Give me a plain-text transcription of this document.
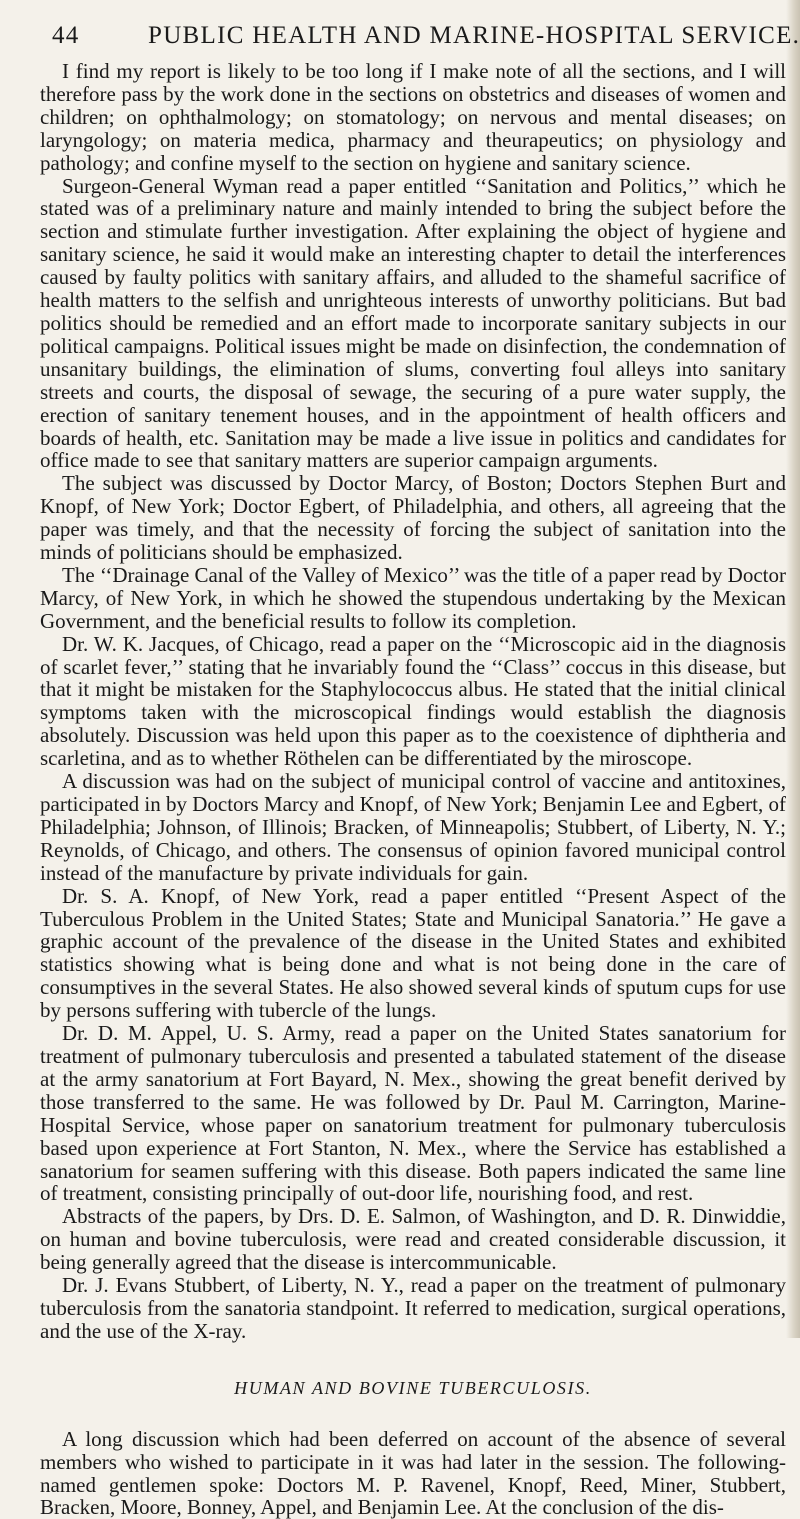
44	PUBLIC HEALTH AND MARINE-HOSPITAL SERVICE.

I find my report is likely to be too long if I make note of all the sections, and I will therefore pass by the work done in the sections on obstetrics and diseases of women and children; on ophthalmology; on stomatology; on nervous and mental diseases; on laryngology; on materia medica, pharmacy and theurapeutics; on physiology and pathology; and confine myself to the section on hygiene and sanitary science.

Surgeon-General Wyman read a paper entitled ‘‘Sanitation and Politics,’’ which he stated was of a preliminary nature and mainly intended to bring the subject before the section and stimulate further investigation. After explaining the object of hygiene and sanitary science, he said it would make an interesting chapter to detail the interferences caused by faulty politics with sanitary affairs, and alluded to the shameful sacrifice of health matters to the selfish and unrighteous interests of unworthy politicians. But bad politics should be remedied and an effort made to incorporate sanitary subjects in our political campaigns. Political issues might be made on disinfection, the condemnation of unsanitary buildings, the elimination of slums, converting foul alleys into sanitary streets and courts, the disposal of sewage, the securing of a pure water supply, the erection of sanitary tenement houses, and in the appointment of health officers and boards of health, etc. Sanitation may be made a live issue in politics and candidates for office made to see that sanitary matters are superior campaign arguments.

The subject was discussed by Doctor Marcy, of Boston; Doctors Stephen Burt and Knopf, of New York; Doctor Egbert, of Philadelphia, and others, all agreeing that the paper was timely, and that the necessity of forcing the subject of sanitation into the minds of politicians should be emphasized.

The ‘‘Drainage Canal of the Valley of Mexico’’ was the title of a paper read by Doctor Marcy, of New York, in which he showed the stupendous undertaking by the Mexican Government, and the beneficial results to follow its completion.

Dr. W. K. Jacques, of Chicago, read a paper on the ‘‘Microscopic aid in the diagnosis of scarlet fever,’’ stating that he invariably found the ‘‘Class’’ coccus in this disease, but that it might be mistaken for the Staphylococcus albus. He stated that the initial clinical symptoms taken with the microscopical findings would establish the diagnosis absolutely. Discussion was held upon this paper as to the coexistence of diphtheria and scarletina, and as to whether Röthelen can be differentiated by the miroscope.

A discussion was had on the subject of municipal control of vaccine and antitoxines, participated in by Doctors Marcy and Knopf, of New York; Benjamin Lee and Egbert, of Philadelphia; Johnson, of Illinois; Bracken, of Minneapolis; Stubbert, of Liberty, N. Y.; Reynolds, of Chicago, and others. The consensus of opinion favored municipal control instead of the manufacture by private individuals for gain.

Dr. S. A. Knopf, of New York, read a paper entitled ‘‘Present Aspect of the Tuberculous Problem in the United States; State and Municipal Sanatoria.’’ He gave a graphic account of the prevalence of the disease in the United States and exhibited statistics showing what is being done and what is not being done in the care of consumptives in the several States. He also showed several kinds of sputum cups for use by persons suffering with tubercle of the lungs.

Dr. D. M. Appel, U. S. Army, read a paper on the United States sanatorium for treatment of pulmonary tuberculosis and presented a tabulated statement of the disease at the army sanatorium at Fort Bayard, N. Mex., showing the great benefit derived by those transferred to the same. He was followed by Dr. Paul M. Carrington, Marine-Hospital Service, whose paper on sanatorium treatment for pulmonary tuberculosis based upon experience at Fort Stanton, N. Mex., where the Service has established a sanatorium for seamen suffering with this disease. Both papers indicated the same line of treatment, consisting principally of out-door life, nourishing food, and rest.

Abstracts of the papers, by Drs. D. E. Salmon, of Washington, and D. R. Dinwiddie, on human and bovine tuberculosis, were read and created considerable discussion, it being generally agreed that the disease is intercommunicable.

Dr. J. Evans Stubbert, of Liberty, N. Y., read a paper on the treatment of pulmonary tuberculosis from the sanatoria standpoint. It referred to medication, surgical operations, and the use of the X-ray.

HUMAN AND BOVINE TUBERCULOSIS.

A long discussion which had been deferred on account of the absence of several members who wished to participate in it was had later in the session. The following-named gentlemen spoke: Doctors M. P. Ravenel, Knopf, Reed, Miner, Stubbert, Bracken, Moore, Bonney, Appel, and Benjamin Lee. At the conclusion of the dis-
